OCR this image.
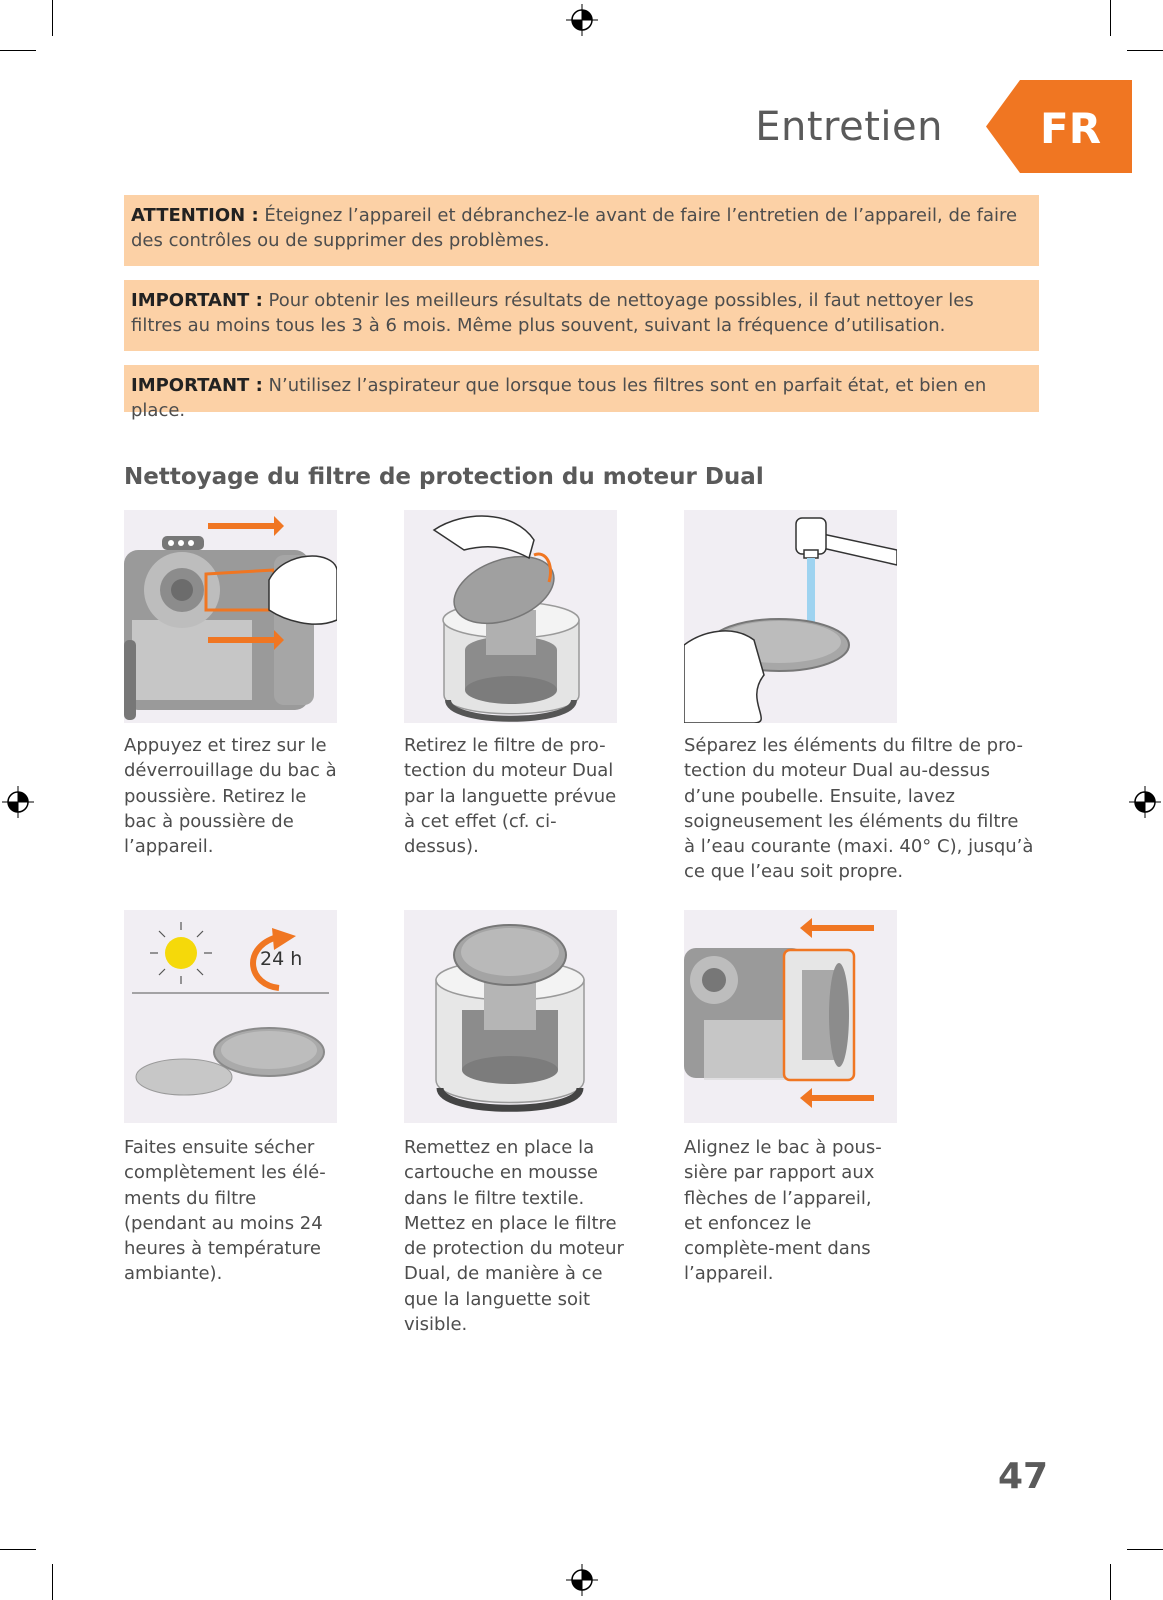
Entretien FR
ATTENTION : Éteignez l’appareil et débranchez-le avant de faire l’entretien de l’appareil, de faire des contrôles ou de supprimer des problèmes.
IMPORTANT : Pour obtenir les meilleurs résultats de nettoyage possibles, il faut nettoyer les filtres au moins tous les 3 à 6 mois. Même plus souvent, suivant la fréquence d’utilisation.
IMPORTANT : N’utilisez l’aspirateur que lorsque tous les filtres sont en parfait état, et bien en place.
Nettoyage du filtre de protection du moteur Dual
24 h
Appuyez et tirez sur le déverrouillage du bac à poussière. Retirez le bac à poussière de l’appareil.
Retirez le filtre de pro-tection du moteur Dual par la languette prévue à cet effet (cf. ci-dessus).
Séparez les éléments du filtre de pro-tection du moteur Dual au-dessus d’une poubelle. Ensuite, lavez soigneusement les éléments du filtre à l’eau courante (maxi. 40° C), jusqu’à ce que l’eau soit propre.
Faites ensuite sécher complètement les élé-ments du filtre (pendant au moins 24 heures à température ambiante).
Remettez en place la cartouche en mousse dans le filtre textile. Mettez en place le filtre de protection du moteur Dual, de manière à ce que la languette soit visible.
Alignez le bac à pous-sière par rapport aux flèches de l’appareil, et enfoncez le complète-ment dans l’appareil.
47
